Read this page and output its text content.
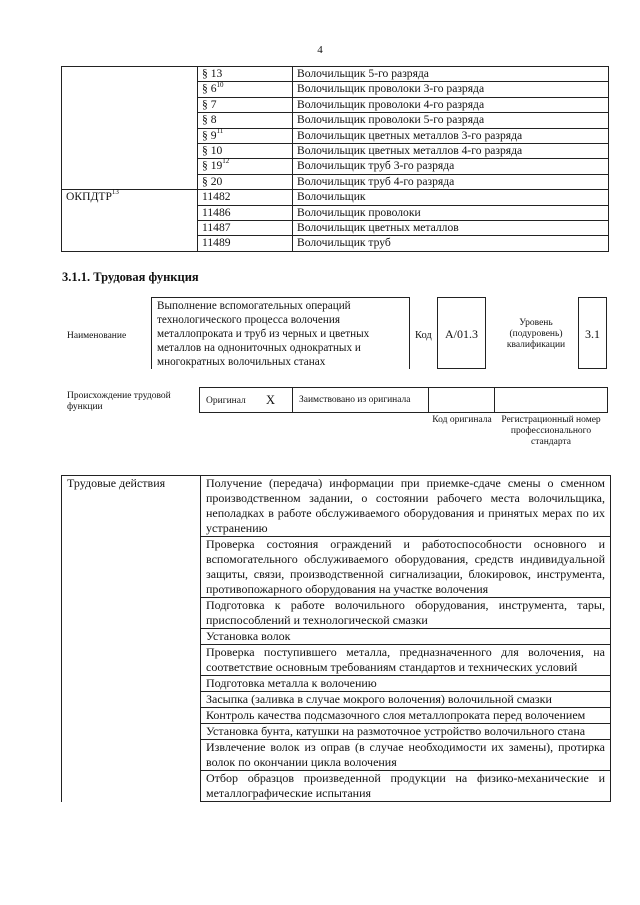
4
	§ 13	Волочильщик 5-го разряда
	§ $6^{10}$	Волочильщик проволоки 3-го разряда
	§ 7	Волочильщик проволоки 4-го разряда
	§ 8	Волочильщик проволоки 5-го разряда
	§ $9^{11}$	Волочильщик цветных металлов 3-го разряда
	§ 10	Волочильщик цветных металлов 4-го разряда
	§ $19^{12}$	Волочильщик труб 3-го разряда
	§ 20	Волочильщик труб 4-го разряда
ОКПДТР$^{13}$	11482	Волочильщик
	11486	Волочильщик проволоки
	11487	Волочильщик цветных металлов
	11489	Волочильщик труб
3.1.1. Трудовая функция
Наименование
Выполнение вспомогательных операций технологического процесса волочения металлопроката и труб из черных и цветных металлов на однониточных однократных и многократных волочильных станах
Код	A/01.3
Уровень (подуровень) квалификации
3.1
Происхождение трудовой функции
Оригинал X	Заимствовано из оригинала
Код оригинала	Регистрационный номер профессионального стандарта
Трудовые действия	Получение (передача) информации при приемке-сдаче смены о сменном производственном задании, о состоянии рабочего места волочильщика, неполадках в работе обслуживаемого оборудования и принятых мерах по их устранению
Проверка состояния ограждений и работоспособности основного и вспомогательного обслуживаемого оборудования, средств индивидуальной защиты, связи, производственной сигнализации, блокировок, инструмента, противопожарного оборудования на участке волочения
Подготовка к работе волочильного оборудования, инструмента, тары, приспособлений и технологической смазки
Установка волок
Проверка поступившего металла, предназначенного для волочения, на соответствие основным требованиям стандартов и технических условий
Подготовка металла к волочению
Засыпка (заливка в случае мокрого волочения) волочильной смазки
Контроль качества подсмазочного слоя металлопроката перед волочением
Установка бунта, катушки на размоточное устройство волочильного стана
Извлечение волок из оправ (в случае необходимости их замены), протирка волок по окончании цикла волочения
Отбор образцов произведенной продукции на физико-механические и металлографические испытания
